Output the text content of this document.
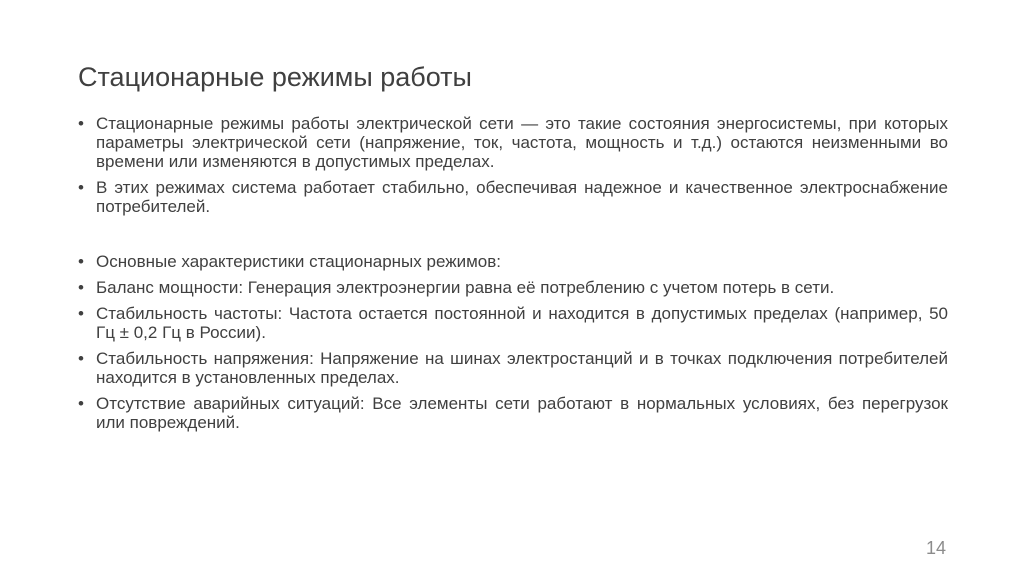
Стационарные режимы работы
• Стационарные режимы работы электрической сети — это такие состояния энергосистемы, при которых параметры электрической сети (напряжение, ток, частота, мощность и т.д.) остаются неизменными во времени или изменяются в допустимых пределах.
• В этих режимах система работает стабильно, обеспечивая надежное и качественное электроснабжение потребителей.
• Основные характеристики стационарных режимов:
• Баланс мощности: Генерация электроэнергии равна её потреблению с учетом потерь в сети.
• Стабильность частоты: Частота остается постоянной и находится в допустимых пределах (например, 50 Гц ± 0,2 Гц в России).
• Стабильность напряжения: Напряжение на шинах электростанций и в точках подключения потребителей находится в установленных пределах.
• Отсутствие аварийных ситуаций: Все элементы сети работают в нормальных условиях, без перегрузок или повреждений.
14
